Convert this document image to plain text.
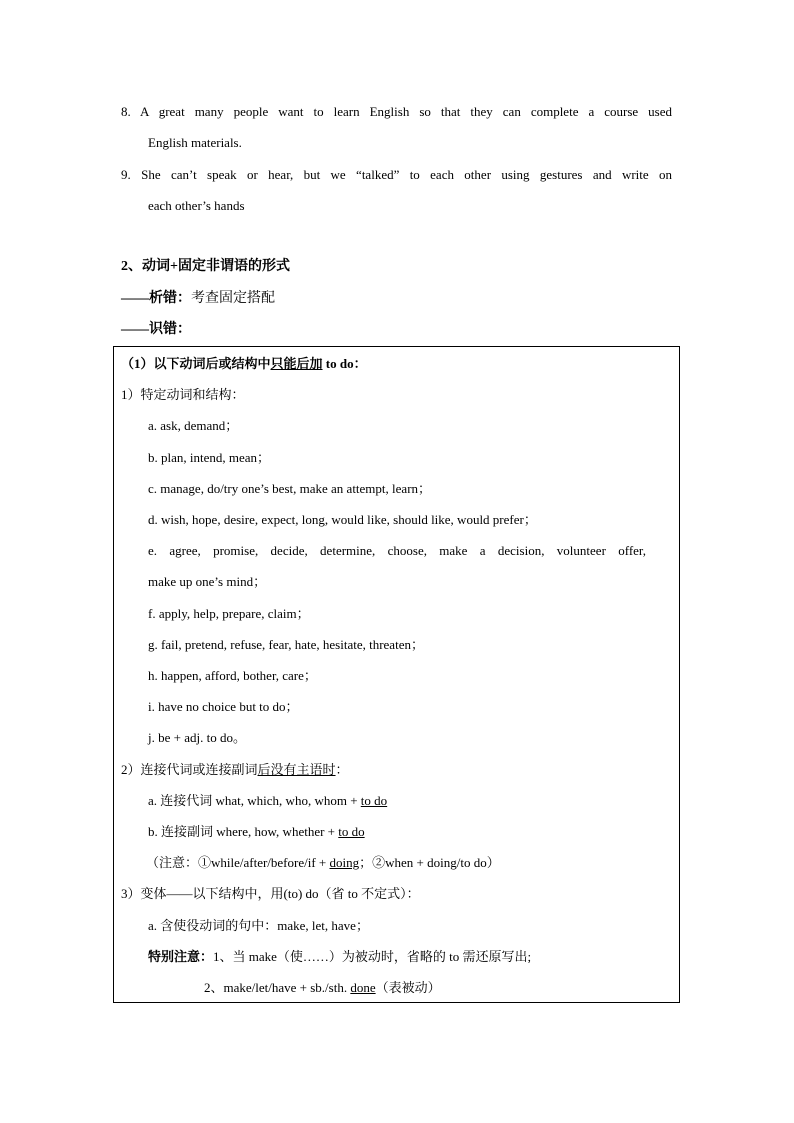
8. A great many people want to learn English so that they can complete a course used
English materials.
9. She can’t speak or hear, but we “talked” to each other using gestures and write on
each other’s hands
2、动词+固定非谓语的形式
——析错：考查固定搭配
——识错：
（1）以下动词后或结构中只能后加 to do：
1）特定动词和结构：
a. ask, demand；
b. plan, intend, mean；
c. manage, do/try one’s best, make an attempt, learn；
d. wish, hope, desire, expect, long, would like, should like, would prefer；
e. agree, promise, decide, determine, choose, make a decision, volunteer offer,
make up one’s mind；
f. apply, help, prepare, claim；
g. fail, pretend, refuse, fear, hate, hesitate, threaten；
h. happen, afford, bother, care；
i. have no choice but to do；
j. be + adj. to do。
2）连接代词或连接副词后没有主语时：
a. 连接代词 what, which, who, whom + to do
b. 连接副词 where, how, whether + to do
（注意：①while/after/before/if + doing；②when + doing/to do）
3）变体——以下结构中，用(to) do（省 to 不定式）：
a. 含使役动词的句中：make, let, have；
特别注意：1、当 make（使……）为被动时，省略的 to 需还原写出;
2、make/let/have + sb./sth. done（表被动）
